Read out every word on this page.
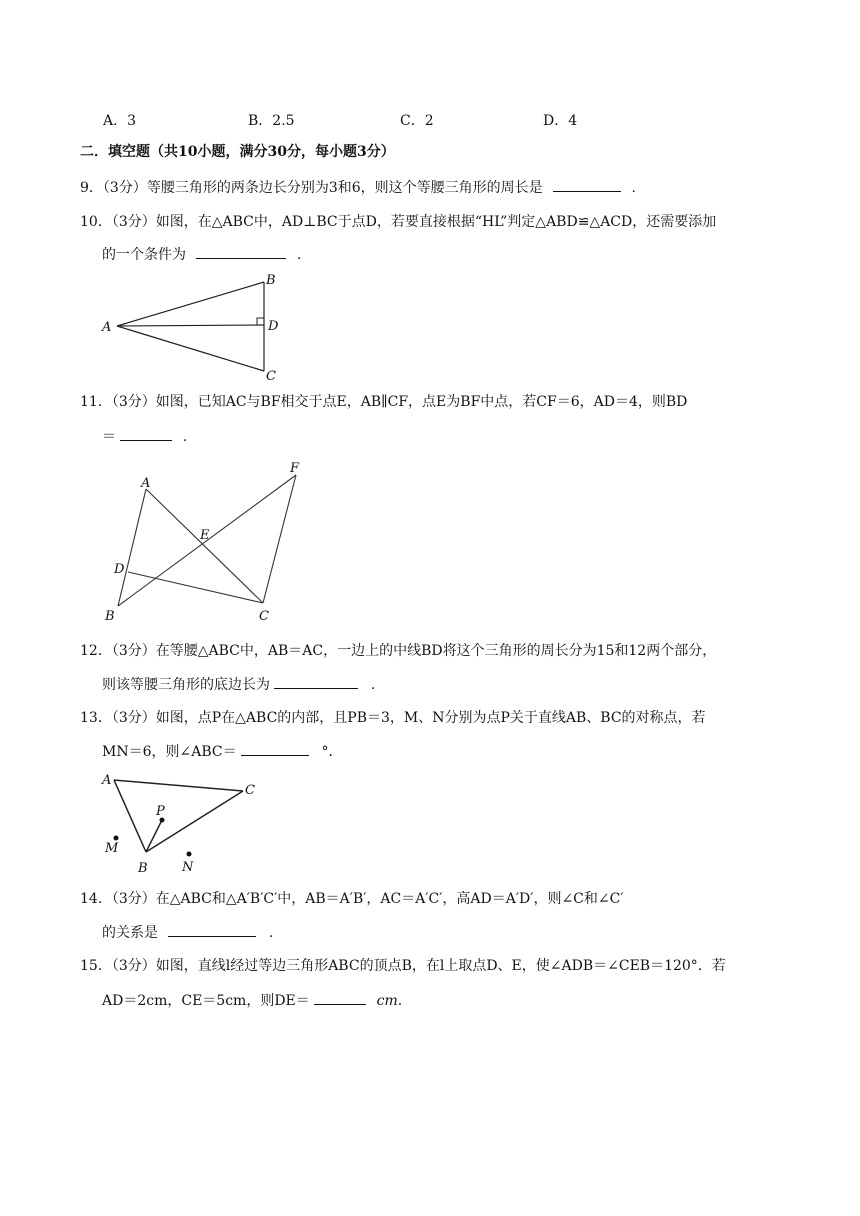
A．3	B．2.5	C．2	D．4
二．填空题（共10小题，满分30分，每小题3分）
9．（3分）等腰三角形的两条边长分别为3和6，则这个等腰三角形的周长是	.
10．（3分）如图，在△ABC中，AD⊥BC于点D，若要直接根据“HL”判定△ABD≌△ACD，还需要添加
的一个条件为	.
A
B
D
C
11．（3分）如图，已知AC与BF相交于点E，AB∥CF，点E为BF中点，若CF＝6，AD＝4，则BD
＝	.
A
F
E
D
B	C
12．（3分）在等腰△ABC中，AB＝AC，一边上的中线BD将这个三角形的周长分为15和12两个部分，
则该等腰三角形的底边长为	.
13．（3分）如图，点P在△ABC的内部，且PB＝3，M、N分别为点P关于直线AB、BC的对称点，若
MN＝6，则∠ABC＝	°．
A
C
P
M
B	N
14．（3分）在△ABC和△A′B′C′中，AB＝A′B′，AC＝A′C′，高AD＝A′D′，则∠C和∠C′
的关系是	.
15．（3分）如图，直线l经过等边三角形ABC的顶点B，在l上取点D、E，使∠ADB＝∠CEB＝120°．若
AD＝2cm，CE＝5cm，则DE＝	cm.
